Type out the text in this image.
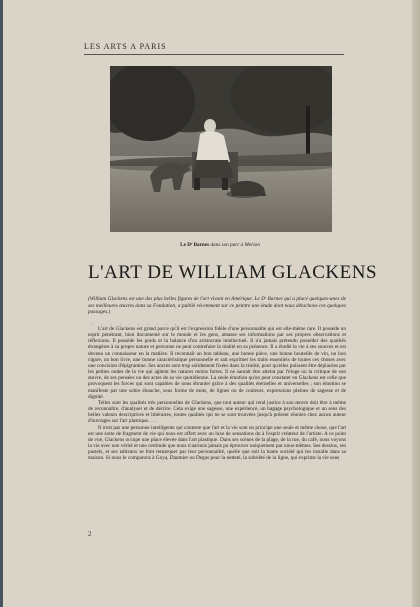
LES ARTS A PARIS
Le Dʳ Barnes dans son parc à Merion
L'ART DE WILLIAM GLACKENS
(William Glackens est une des plus belles figures de l'art vivant en Amérique. Le Dʳ Barnes qui a placé quelques-unes de ses meilleures œuvres dans sa Fondation, a publié récemment sur ce peintre une étude dont nous détachons ces quelques passages.)
. . . . . . . . . . . . . . . . . .

L'art de Glackens est grand parce qu'il est l'expression fidèle d'une personnalité qui est elle-même rare. Il possède un esprit pénétrant, bien documenté sur le monde et les gens, amasse ses informations par ses propres observations et réflexions. Il possède les poids et la balance d'un aristocrate intellectuel. Il n'a jamais prétendu posséder des qualités étrangères à sa propre nature et personne ne peut contrefaire la réalité en sa présence. Il a étudié la vie à ses sources et est devenu un connaisseur en la matière. Il reconnaît un bon tableau, une bonne pièce, une bonne bouteille de vin, un bon cigare, un bon livre, une bonne caractéristique personnelle et sait exprimer les traits essentiels de toutes ces choses avec une concision d'épigramme. Ses ancres sont trop solidement fixées dans la réalité, pour qu'elles puissent être déplacées par les petites ondes de la vie qui agitent les natures moins fortes. Il ne saurait être atteint par l'éloge ou la critique de son œuvre, de ses pensées ou des actes de sa vie quotidienne. La seule émotion qu'on peut constater en Glackens est celle que provoquent les forces qui sont capables de nous ébranler grâce à des qualités éternelles et universelles ; son émotion se manifeste par une sobre ébauche, sous forme de mots, de lignes ou de couleurs, expressions pleines de sagesse et de dignité.

Telles sont les qualités très personnelles de Glackens, que tout auteur qui rend justice à son œuvre doit être à même de reconnaître, d'analyser et de décrire. Cela exige une sagesse, une expérience, un bagage psychologique et un sens des belles valeurs descriptives et littéraires, toutes qualités qui ne se sont trouvées jusqu'à présent réunies chez aucun auteur d'ouvrages sur l'art plastique. . . .

Il n'est pas une personne intelligente qui conteste que l'art et la vie sont en principe une seule et même chose, que l'art est une sorte de fragment de vie qui nous est offert avec un luxe de sensations du à l'esprit créateur de l'artiste. A ce point de vue, Glackens occupe une place élevée dans l'art plastique. Dans ses scènes de la plage, de la rue, du café, nous voyons la vie avec une vérité et une certitude que nous n'aurions jamais pu éprouver uniquement par nous-mêmes. Ses dessins, ses pastels, et ses tableaux se font remarquer par leur personnalité, quelle que soit la haute société qui les installe dans sa maison. Si nous le comparons à Goya, Daumier ou Degas pour la netteté, la sobriété de la ligne, qui exprime la vie sous

2
